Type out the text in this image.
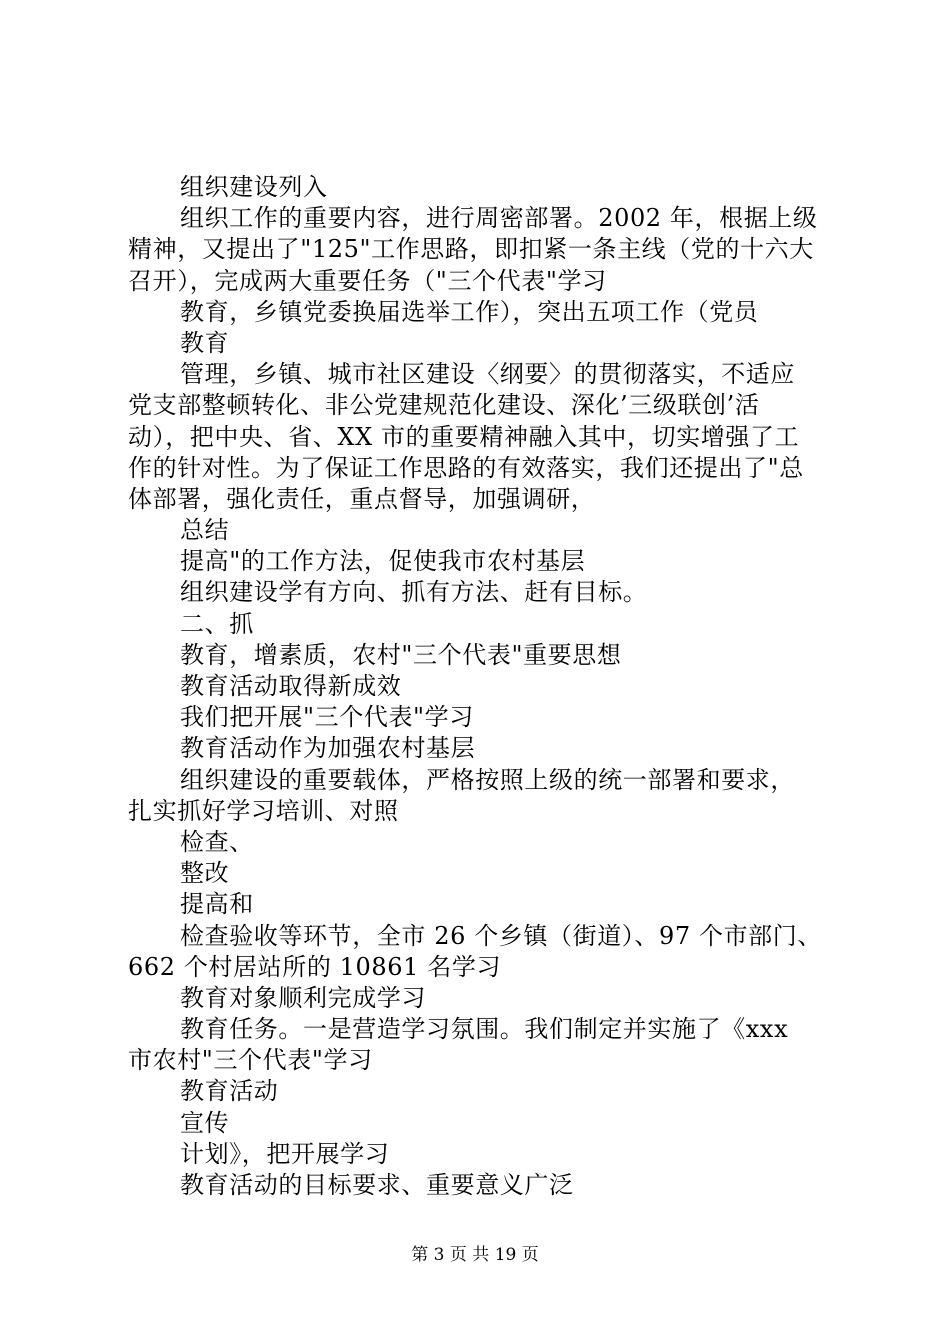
组织建设列入
组织工作的重要内容，进行周密部署。2002 年，根据上级
精神，又提出了"125"工作思路，即扣紧一条主线（党的十六大
召开），完成两大重要任务（"三个代表"学习
教育，乡镇党委换届选举工作），突出五项工作（党员
教育
管理，乡镇、城市社区建设〈纲要〉的贯彻落实，不适应
党支部整顿转化、非公党建规范化建设、深化’三级联创’活
动），把中央、省、XX 市的重要精神融入其中，切实增强了工
作的针对性。为了保证工作思路的有效落实，我们还提出了"总
体部署，强化责任，重点督导，加强调研，
总结
提高"的工作方法，促使我市农村基层
组织建设学有方向、抓有方法、赶有目标。
二、抓
教育，增素质，农村"三个代表"重要思想
教育活动取得新成效
我们把开展"三个代表"学习
教育活动作为加强农村基层
组织建设的重要载体，严格按照上级的统一部署和要求，
扎实抓好学习培训、对照
检查、
整改
提高和
检查验收等环节，全市 26 个乡镇（街道）、97 个市部门、
662 个村居站所的 10861 名学习
教育对象顺利完成学习
教育任务。一是营造学习氛围。我们制定并实施了《xxx
市农村"三个代表"学习
教育活动
宣传
计划》，把开展学习
教育活动的目标要求、重要意义广泛
第 3 页 共 19 页
